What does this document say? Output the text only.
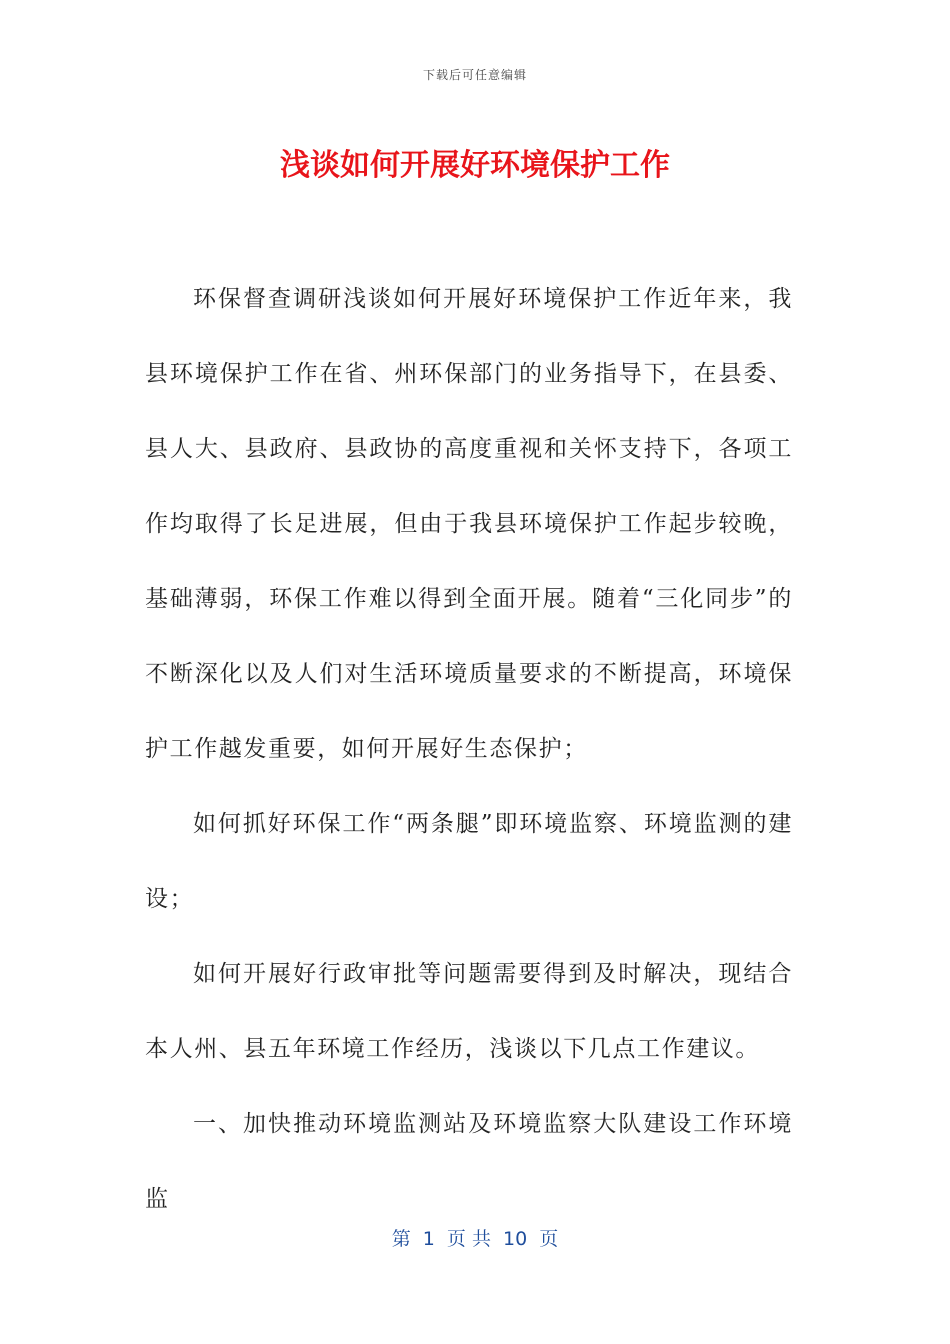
下载后可任意编辑
浅谈如何开展好环境保护工作

环保督查调研浅谈如何开展好环境保护工作近年来，我县环境保护工作在省、州环保部门的业务指导下，在县委、县人大、县政府、县政协的高度重视和关怀支持下，各项工作均取得了长足进展，但由于我县环境保护工作起步较晚，基础薄弱，环保工作难以得到全面开展。随着“三化同步”的不断深化以及人们对生活环境质量要求的不断提高，环境保护工作越发重要，如何开展好生态保护；

如何抓好环保工作“两条腿”即环境监察、环境监测的建设；

如何开展好行政审批等问题需要得到及时解决，现结合本人州、县五年环境工作经历，浅谈以下几点工作建议。

一、加快推动环境监测站及环境监察大队建设工作环境监

第  1  页 共  10  页
